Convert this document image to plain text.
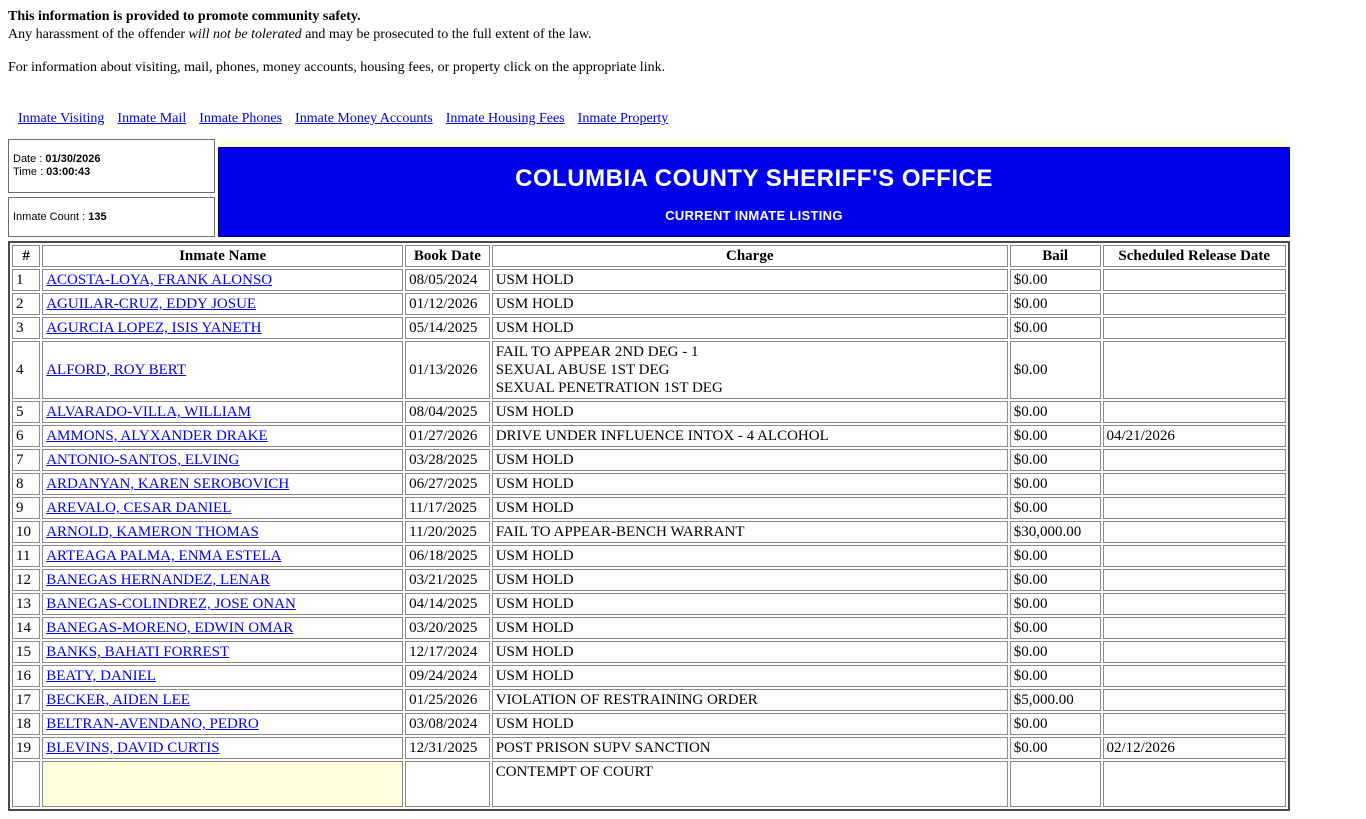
This information is provided to promote community safety.
Any harassment of the offender will not be tolerated and may be prosecuted to the full extent of the law.

For information about visiting, mail, phones, money accounts, housing fees, or property click on the appropriate link.

Inmate Visiting Inmate Mail Inmate Phones Inmate Money Accounts Inmate Housing Fees Inmate Property
Date : 01/30/2026
Time : 03:00:43
Inmate Count : 135
COLUMBIA COUNTY SHERIFF'S OFFICE
CURRENT INMATE LISTING
#	Inmate Name	Book Date	Charge	Bail	Scheduled Release Date
1	ACOSTA-LOYA, FRANK ALONSO	08/05/2024	USM HOLD	$0.00	
2	AGUILAR-CRUZ, EDDY JOSUE	01/12/2026	USM HOLD	$0.00	
3	AGURCIA LOPEZ, ISIS YANETH	05/14/2025	USM HOLD	$0.00	
4	ALFORD, ROY BERT	01/13/2026	FAIL TO APPEAR 2ND DEG - 1
SEXUAL ABUSE 1ST DEG
SEXUAL PENETRATION 1ST DEG	$0.00	
5	ALVARADO-VILLA, WILLIAM	08/04/2025	USM HOLD	$0.00	
6	AMMONS, ALYXANDER DRAKE	01/27/2026	DRIVE UNDER INFLUENCE INTOX - 4 ALCOHOL	$0.00	04/21/2026
7	ANTONIO-SANTOS, ELVING	03/28/2025	USM HOLD	$0.00	
8	ARDANYAN, KAREN SEROBOVICH	06/27/2025	USM HOLD	$0.00	
9	AREVALO, CESAR DANIEL	11/17/2025	USM HOLD	$0.00	
10	ARNOLD, KAMERON THOMAS	11/20/2025	FAIL TO APPEAR-BENCH WARRANT	$30,000.00	
11	ARTEAGA PALMA, ENMA ESTELA	06/18/2025	USM HOLD	$0.00	
12	BANEGAS HERNANDEZ, LENAR	03/21/2025	USM HOLD	$0.00	
13	BANEGAS-COLINDREZ, JOSE ONAN	04/14/2025	USM HOLD	$0.00	
14	BANEGAS-MORENO, EDWIN OMAR	03/20/2025	USM HOLD	$0.00	
15	BANKS, BAHATI FORREST	12/17/2024	USM HOLD	$0.00	
16	BEATY, DANIEL	09/24/2024	USM HOLD	$0.00	
17	BECKER, AIDEN LEE	01/25/2026	VIOLATION OF RESTRAINING ORDER	$5,000.00	
18	BELTRAN-AVENDANO, PEDRO	03/08/2024	USM HOLD	$0.00	
19	BLEVINS, DAVID CURTIS	12/31/2025	POST PRISON SUPV SANCTION	$0.00	02/12/2026

			CONTEMPT OF COURT		
